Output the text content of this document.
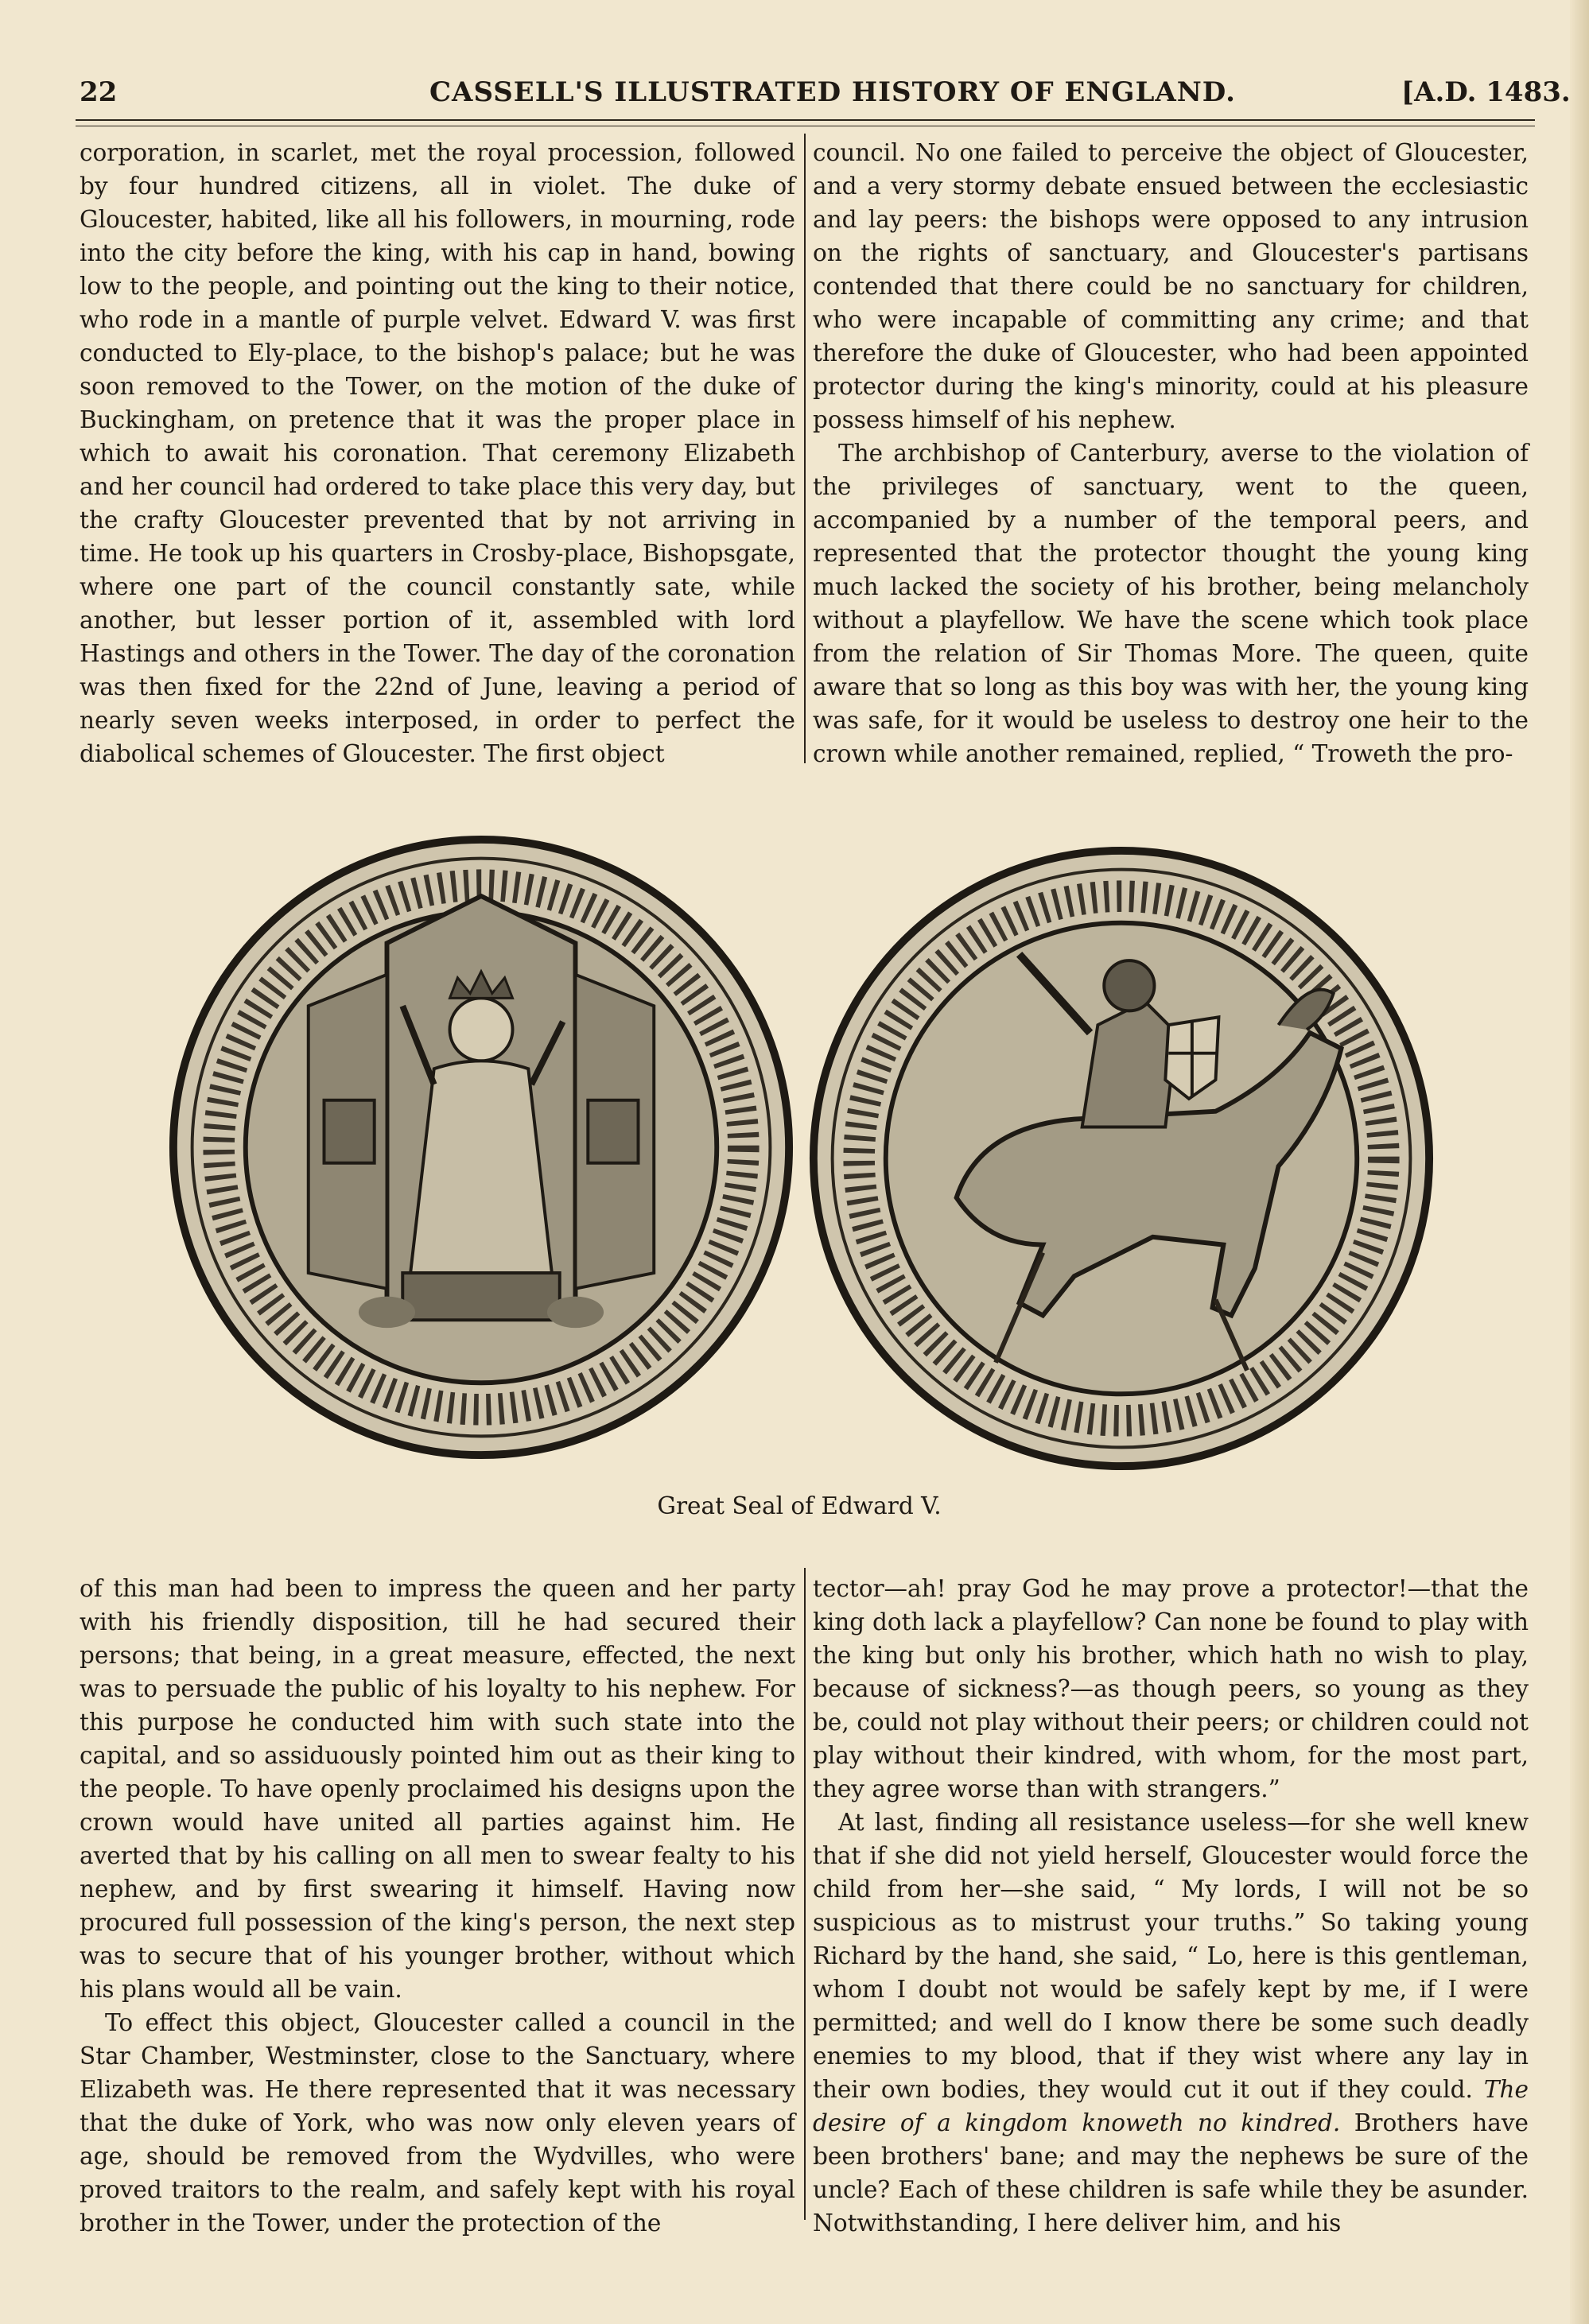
22	CASSELL'S ILLUSTRATED HISTORY OF ENGLAND.	[A.D. 1483.

corporation, in scarlet, met the royal procession, followed by four hundred citizens, all in violet. The duke of Gloucester, habited, like all his followers, in mourning, rode into the city before the king, with his cap in hand, bowing low to the people, and pointing out the king to their notice, who rode in a mantle of purple velvet. Edward V. was first conducted to Ely-place, to the bishop's palace; but he was soon removed to the Tower, on the motion of the duke of Buckingham, on pretence that it was the proper place in which to await his coronation. That ceremony Elizabeth and her council had ordered to take place this very day, but the crafty Gloucester prevented that by not arriving in time. He took up his quarters in Crosby-place, Bishopsgate, where one part of the council constantly sate, while another, but lesser portion of it, assembled with lord Hastings and others in the Tower. The day of the coronation was then fixed for the 22nd of June, leaving a period of nearly seven weeks interposed, in order to perfect the diabolical schemes of Gloucester. The first object

council. No one failed to perceive the object of Gloucester, and a very stormy debate ensued between the ecclesiastic and lay peers: the bishops were opposed to any intrusion on the rights of sanctuary, and Gloucester's partisans contended that there could be no sanctuary for children, who were incapable of committing any crime; and that therefore the duke of Gloucester, who had been appointed protector during the king's minority, could at his pleasure possess himself of his nephew.

The archbishop of Canterbury, averse to the violation of the privileges of sanctuary, went to the queen, accompanied by a number of the temporal peers, and represented that the protector thought the young king much lacked the society of his brother, being melancholy without a playfellow. We have the scene which took place from the relation of Sir Thomas More. The queen, quite aware that so long as this boy was with her, the young king was safe, for it would be useless to destroy one heir to the crown while another remained, replied, “ Troweth the pro-

Great Seal of Edward V.

of this man had been to impress the queen and her party with his friendly disposition, till he had secured their persons; that being, in a great measure, effected, the next was to persuade the public of his loyalty to his nephew. For this purpose he conducted him with such state into the capital, and so assiduously pointed him out as their king to the people. To have openly proclaimed his designs upon the crown would have united all parties against him. He averted that by his calling on all men to swear fealty to his nephew, and by first swearing it himself. Having now procured full possession of the king's person, the next step was to secure that of his younger brother, without which his plans would all be vain.

To effect this object, Gloucester called a council in the Star Chamber, Westminster, close to the Sanctuary, where Elizabeth was. He there represented that it was necessary that the duke of York, who was now only eleven years of age, should be removed from the Wydvilles, who were proved traitors to the realm, and safely kept with his royal brother in the Tower, under the protection of the

tector—ah! pray God he may prove a protector!—that the king doth lack a playfellow? Can none be found to play with the king but only his brother, which hath no wish to play, because of sickness?—as though peers, so young as they be, could not play without their peers; or children could not play without their kindred, with whom, for the most part, they agree worse than with strangers.”

At last, finding all resistance useless—for she well knew that if she did not yield herself, Gloucester would force the child from her—she said, “ My lords, I will not be so suspicious as to mistrust your truths.” So taking young Richard by the hand, she said, “ Lo, here is this gentleman, whom I doubt not would be safely kept by me, if I were permitted; and well do I know there be some such deadly enemies to my blood, that if they wist where any lay in their own bodies, they would cut it out if they could. The desire of a kingdom knoweth no kindred. Brothers have been brothers' bane; and may the nephews be sure of the uncle? Each of these children is safe while they be asunder. Notwithstanding, I here deliver him, and his
